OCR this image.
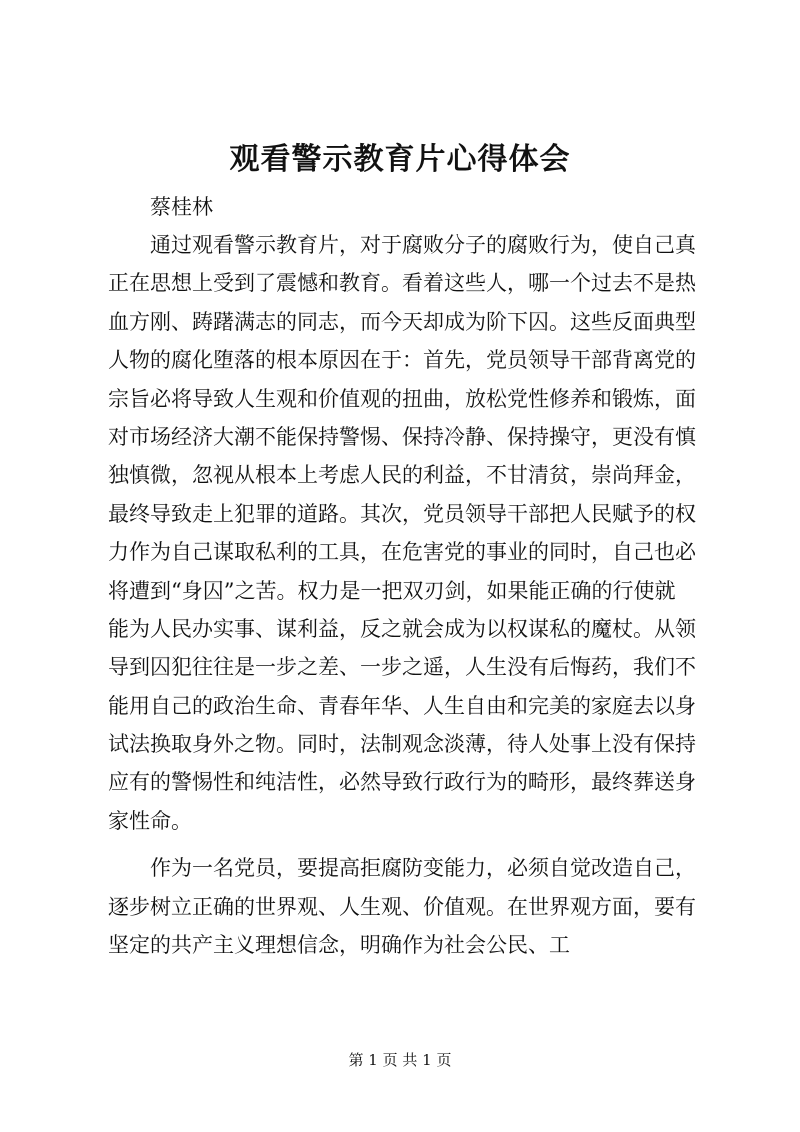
观看警示教育片心得体会
蔡桂林
通过观看警示教育片，对于腐败分子的腐败行为，使自己真
正在思想上受到了震憾和教育。看着这些人，哪一个过去不是热
血方刚、踌躇满志的同志，而今天却成为阶下囚。这些反面典型
人物的腐化堕落的根本原因在于：首先，党员领导干部背离党的
宗旨必将导致人生观和价值观的扭曲，放松党性修养和锻炼，面
对市场经济大潮不能保持警惕、保持冷静、保持操守，更没有慎
独慎微，忽视从根本上考虑人民的利益，不甘清贫，崇尚拜金，
最终导致走上犯罪的道路。其次，党员领导干部把人民赋予的权
力作为自己谋取私利的工具，在危害党的事业的同时，自己也必
将遭到“身囚”之苦。权力是一把双刃剑，如果能正确的行使就
能为人民办实事、谋利益，反之就会成为以权谋私的魔杖。从领
导到囚犯往往是一步之差、一步之遥，人生没有后悔药，我们不
能用自己的政治生命、青春年华、人生自由和完美的家庭去以身
试法换取身外之物。同时，法制观念淡薄，待人处事上没有保持
应有的警惕性和纯洁性，必然导致行政行为的畸形，最终葬送身
家性命。
作为一名党员，要提高拒腐防变能力，必须自觉改造自己，
逐步树立正确的世界观、人生观、价值观。在世界观方面，要有
坚定的共产主义理想信念，明确作为社会公民、工
第 1 页 共 1 页
